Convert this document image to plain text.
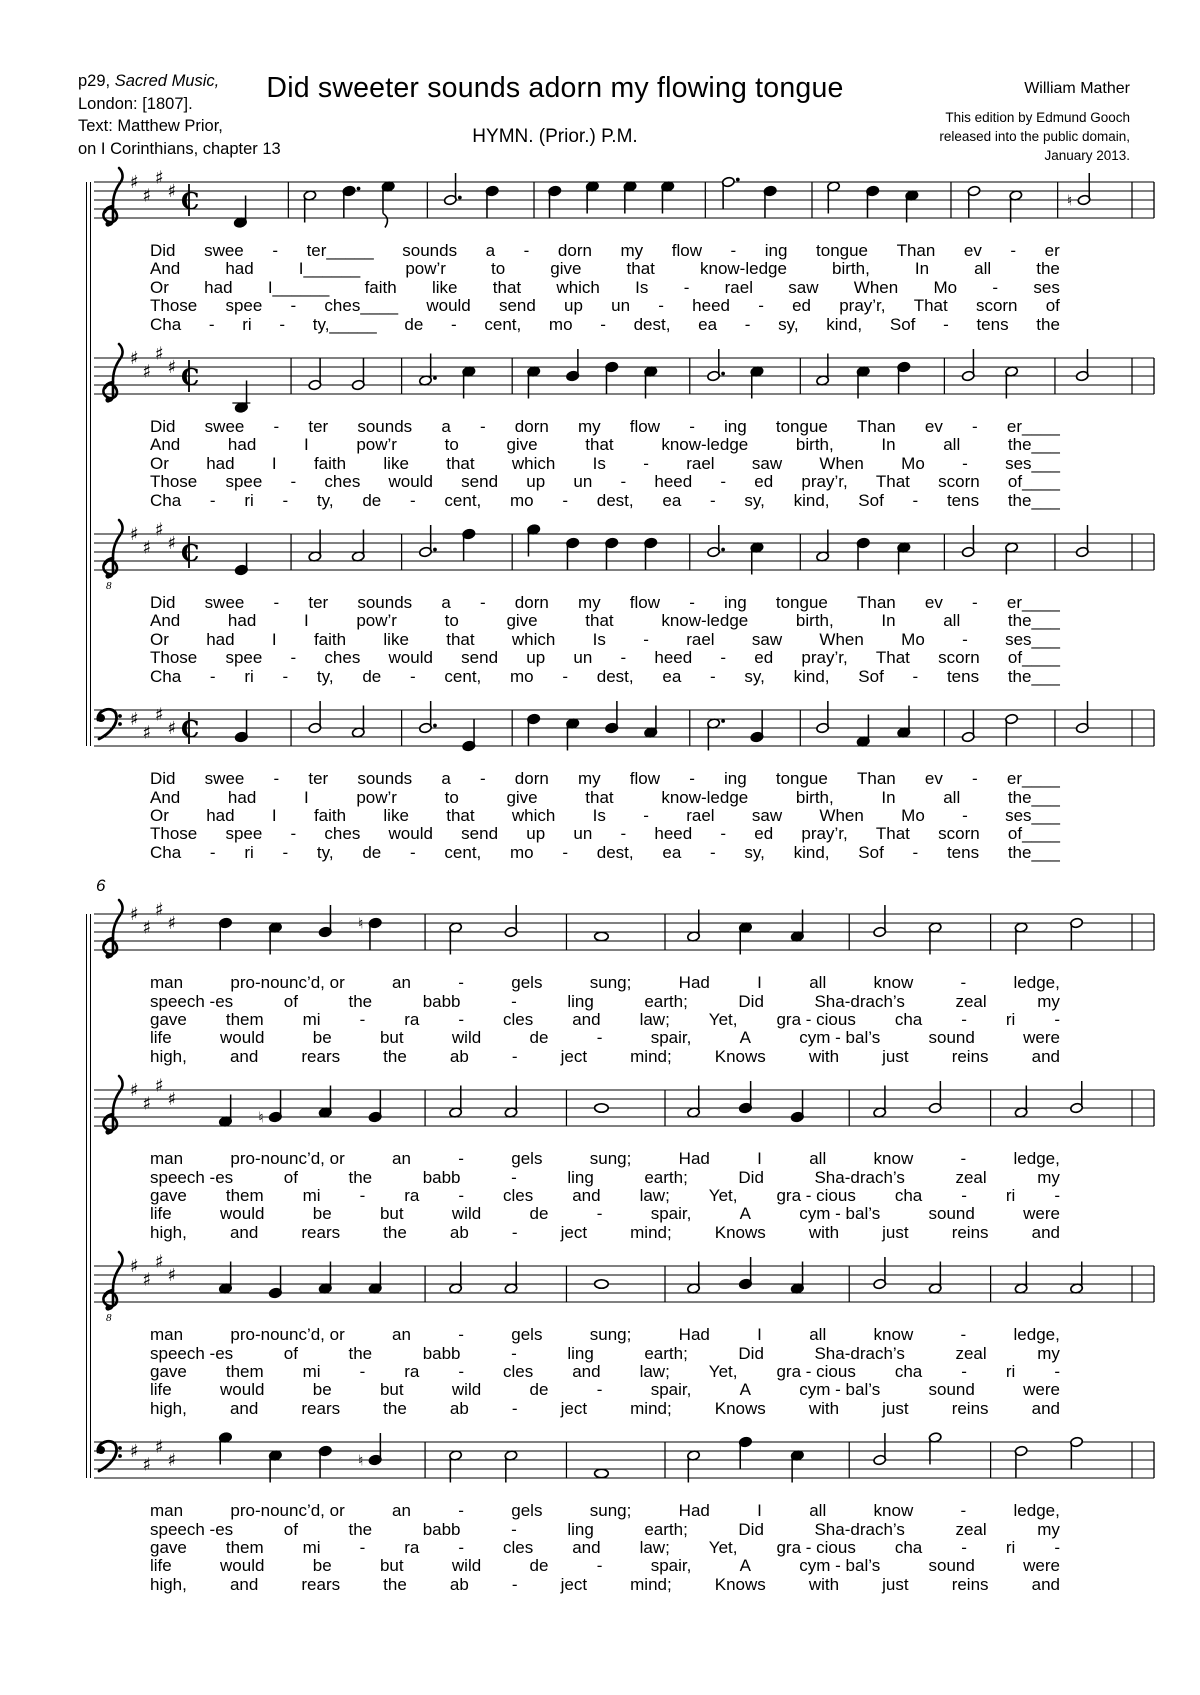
p29, Sacred Music,
London: [1807].
Text: Matthew Prior,
on I Corinthians, chapter 13
Did sweeter sounds adorn my flowing tongue	William Mather
This edition by Edmund Gooch
released into the public domain,
January 2013.
HYMN. (Prior.) P.M.
♯
♯
♯
♯ C	♮
Did swee - ter_____ sounds a - dorn my flow - ing tongue Than ev - er
And	had	I______	pow’r	to	give	that	know-ledge	birth,	In	all	the
Or had I______ faith like that which Is - rael saw When Mo - ses
Those spee - ches____ would send up un - heed - ed pray’r, That scorn of
Cha - ri - ty,_____ de - cent, mo - dest, ea - sy, kind, Sof - tens the
♯
♯
♯
♯ C
Did swee - ter sounds a - dorn my flow - ing tongue Than ev - er____
And	had	I	pow’r	to	give	that	know-ledge	birth,	In	all	the___
Or had I faith like that which Is - rael saw When Mo - ses___
Those spee - ches would send up un - heed - ed pray’r, That scorn of____
Cha - ri - ty, de - cent, mo - dest, ea - sy, kind, Sof - tens the___
8
♯
♯
♯
♯ C
Did swee - ter sounds a - dorn my flow - ing tongue Than ev - er____
And	had	I	pow’r	to	give	that	know-ledge	birth,	In	all	the___
Or had I faith like that which Is - rael saw When Mo - ses___
Those spee - ches would send up un - heed - ed pray’r, That scorn of____
Cha - ri - ty, de - cent, mo - dest, ea - sy, kind, Sof - tens the___
♯
♯
♯
♯ C
Did swee - ter sounds a - dorn my flow - ing tongue Than ev - er____
And	had	I	pow’r	to	give	that	know-ledge	birth,	In	all	the___
Or had I faith like that which Is - rael saw When Mo - ses___
Those spee - ches would send up un - heed - ed pray’r, That scorn of____
Cha - ri - ty, de - cent, mo - dest, ea - sy, kind, Sof - tens the___
6
♯
♯
♯
♯	♮
man	pro-nounc’d, or	an	-	gels	sung;	Had	I	all	know	-	ledge,
speech -es	of	the	babb	-	ling	earth;	Did	Sha-drach’s	zeal	my
gave them mi - ra - cles and law; Yet, gra - cious cha - ri -
life	would	be	but	wild	de	-	spair,	A	cym - bal’s	sound	were
high,	and	rears	the	ab	-	ject	mind;	Knows	with	just	reins	and
♯
♯
♯
♯
♮
man	pro-nounc’d, or	an	-	gels	sung;	Had	I	all	know	-	ledge,
speech -es	of	the	babb	-	ling	earth;	Did	Sha-drach’s	zeal	my
gave them mi - ra - cles and law; Yet, gra - cious cha - ri -
life	would	be	but	wild	de	-	spair,	A	cym - bal’s	sound	were
high,	and	rears	the	ab	-	ject	mind;	Knows	with	just	reins	and
8
♯
♯
♯
♯
man	pro-nounc’d, or	an	-	gels	sung;	Had	I	all	know	-	ledge,
speech -es	of	the	babb	-	ling	earth;	Did	Sha-drach’s	zeal	my
gave them mi - ra - cles and law; Yet, gra - cious cha - ri -
life	would	be	but	wild	de	-	spair,	A	cym - bal’s	sound	were
high,	and	rears	the	ab	-	ject	mind;	Knows	with	just	reins	and
♯
♯
♯
♯	♮
man	pro-nounc’d, or	an	-	gels	sung;	Had	I	all	know	-	ledge,
speech -es	of	the	babb	-	ling	earth;	Did	Sha-drach’s	zeal	my
gave them mi - ra - cles and law; Yet, gra - cious cha - ri -
life	would	be	but	wild	de	-	spair,	A	cym - bal’s	sound	were
high,	and	rears	the	ab	-	ject	mind;	Knows	with	just	reins	and
